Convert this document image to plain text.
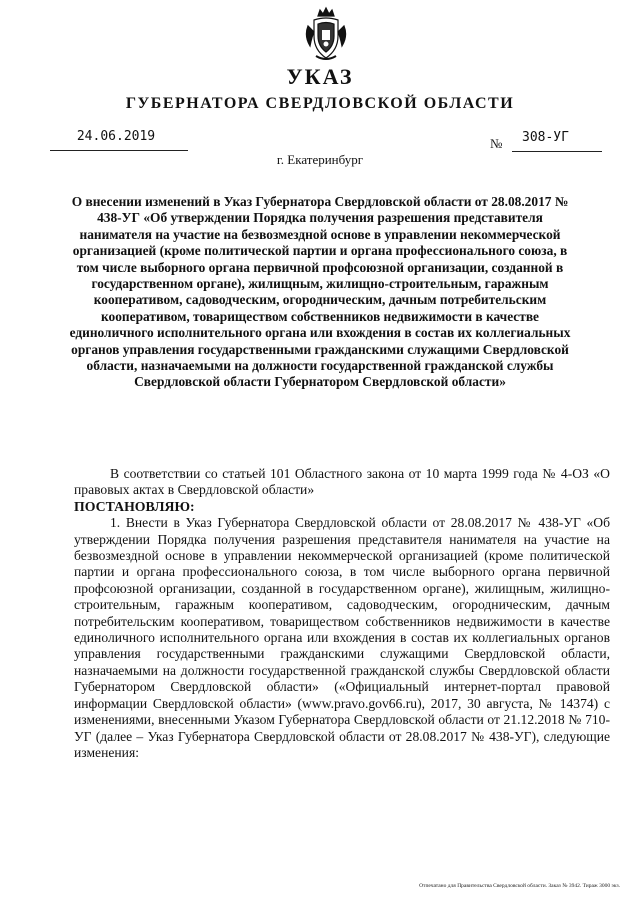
УКАЗ
ГУБЕРНАТОРА СВЕРДЛОВСКОЙ ОБЛАСТИ
24.06.2019	№ 308-УГ
г. Екатеринбург
О внесении изменений в Указ Губернатора Свердловской области от 28.08.2017 № 438-УГ «Об утверждении Порядка получения разрешения представителя нанимателя на участие на безвозмездной основе в управлении некоммерческой организацией (кроме политической партии и органа профессионального союза, в том числе выборного органа первичной профсоюзной организации, созданной в государственном органе), жилищным, жилищно-строительным, гаражным кооперативом, садоводческим, огородническим, дачным потребительским кооперативом, товариществом собственников недвижимости в качестве единоличного исполнительного органа или вхождения в состав их коллегиальных органов управления государственными гражданскими служащими Свердловской области, назначаемыми на должности государственной гражданской службы Свердловской области Губернатором Свердловской области»

В соответствии со статьей 101 Областного закона от 10 марта 1999 года № 4-ОЗ «О правовых актах в Свердловской области»

ПОСТАНОВЛЯЮ:

1. Внести в Указ Губернатора Свердловской области от 28.08.2017 № 438-УГ «Об утверждении Порядка получения разрешения представителя нанимателя на участие на безвозмездной основе в управлении некоммерческой организацией (кроме политической партии и органа профессионального союза, в том числе выборного органа первичной профсоюзной организации, созданной в государственном органе), жилищным, жилищно-строительным, гаражным кооперативом, садоводческим, огородническим, дачным потребительским кооперативом, товариществом собственников недвижимости в качестве единоличного исполнительного органа или вхождения в состав их коллегиальных органов управления государственными гражданскими служащими Свердловской области, назначаемыми на должности государственной гражданской службы Свердловской области Губернатором Свердловской области» («Официальный интернет-портал правовой информации Свердловской области» (www.pravo.gov66.ru), 2017, 30 августа, № 14374) с изменениями, внесенными Указом Губернатора Свердловской области от 21.12.2018 № 710-УГ (далее – Указ Губернатора Свердловской области от 28.08.2017 № 438-УГ), следующие изменения:

Отпечатано для Правительства Свердловской области. Заказ № 3942. Тираж 3000 экз.
